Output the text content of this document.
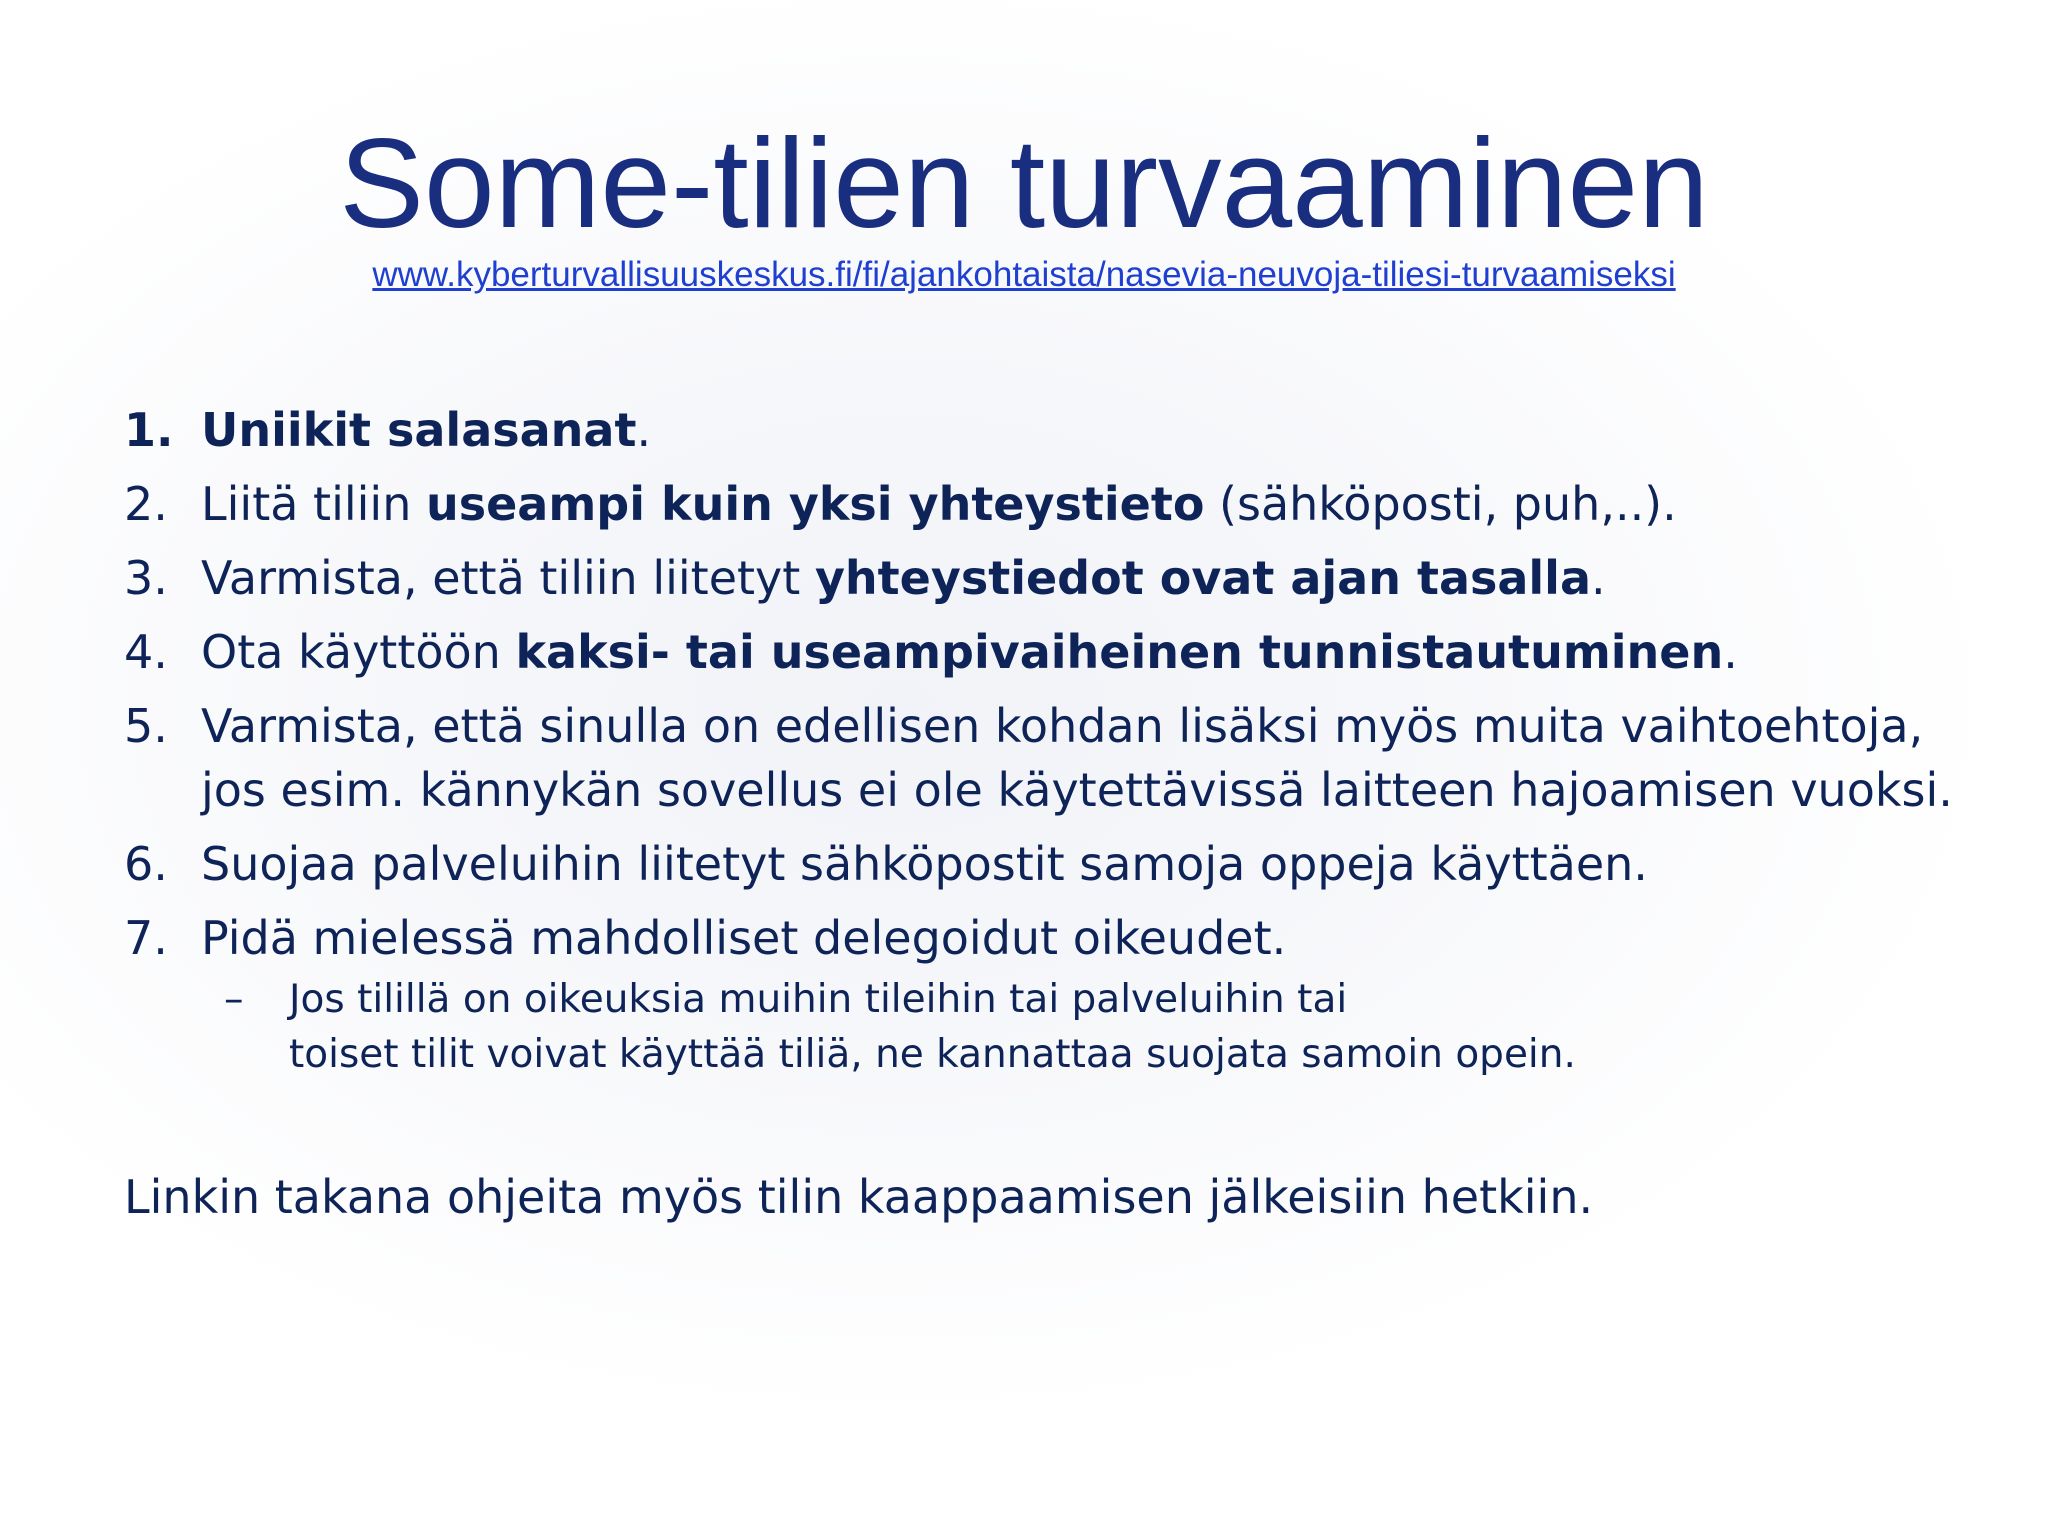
Some-tilien turvaaminen
www.kyberturvallisuuskeskus.fi/fi/ajankohtaista/nasevia-neuvoja-tiliesi-turvaamiseksi
1. Uniikit salasanat.
2. Liitä tiliin useampi kuin yksi yhteystieto (sähköposti, puh,..).
3. Varmista, että tiliin liitetyt yhteystiedot ovat ajan tasalla.
4. Ota käyttöön kaksi- tai useampivaiheinen tunnistautuminen.
5. Varmista, että sinulla on edellisen kohdan lisäksi myös muita vaihtoehtoja,
jos esim. kännykän sovellus ei ole käytettävissä laitteen hajoamisen vuoksi.
6. Suojaa palveluihin liitetyt sähköpostit samoja oppeja käyttäen.
7. Pidä mielessä mahdolliset delegoidut oikeudet.
– Jos tilillä on oikeuksia muihin tileihin tai palveluihin tai
toiset tilit voivat käyttää tiliä, ne kannattaa suojata samoin opein.
Linkin takana ohjeita myös tilin kaappaamisen jälkeisiin hetkiin.
